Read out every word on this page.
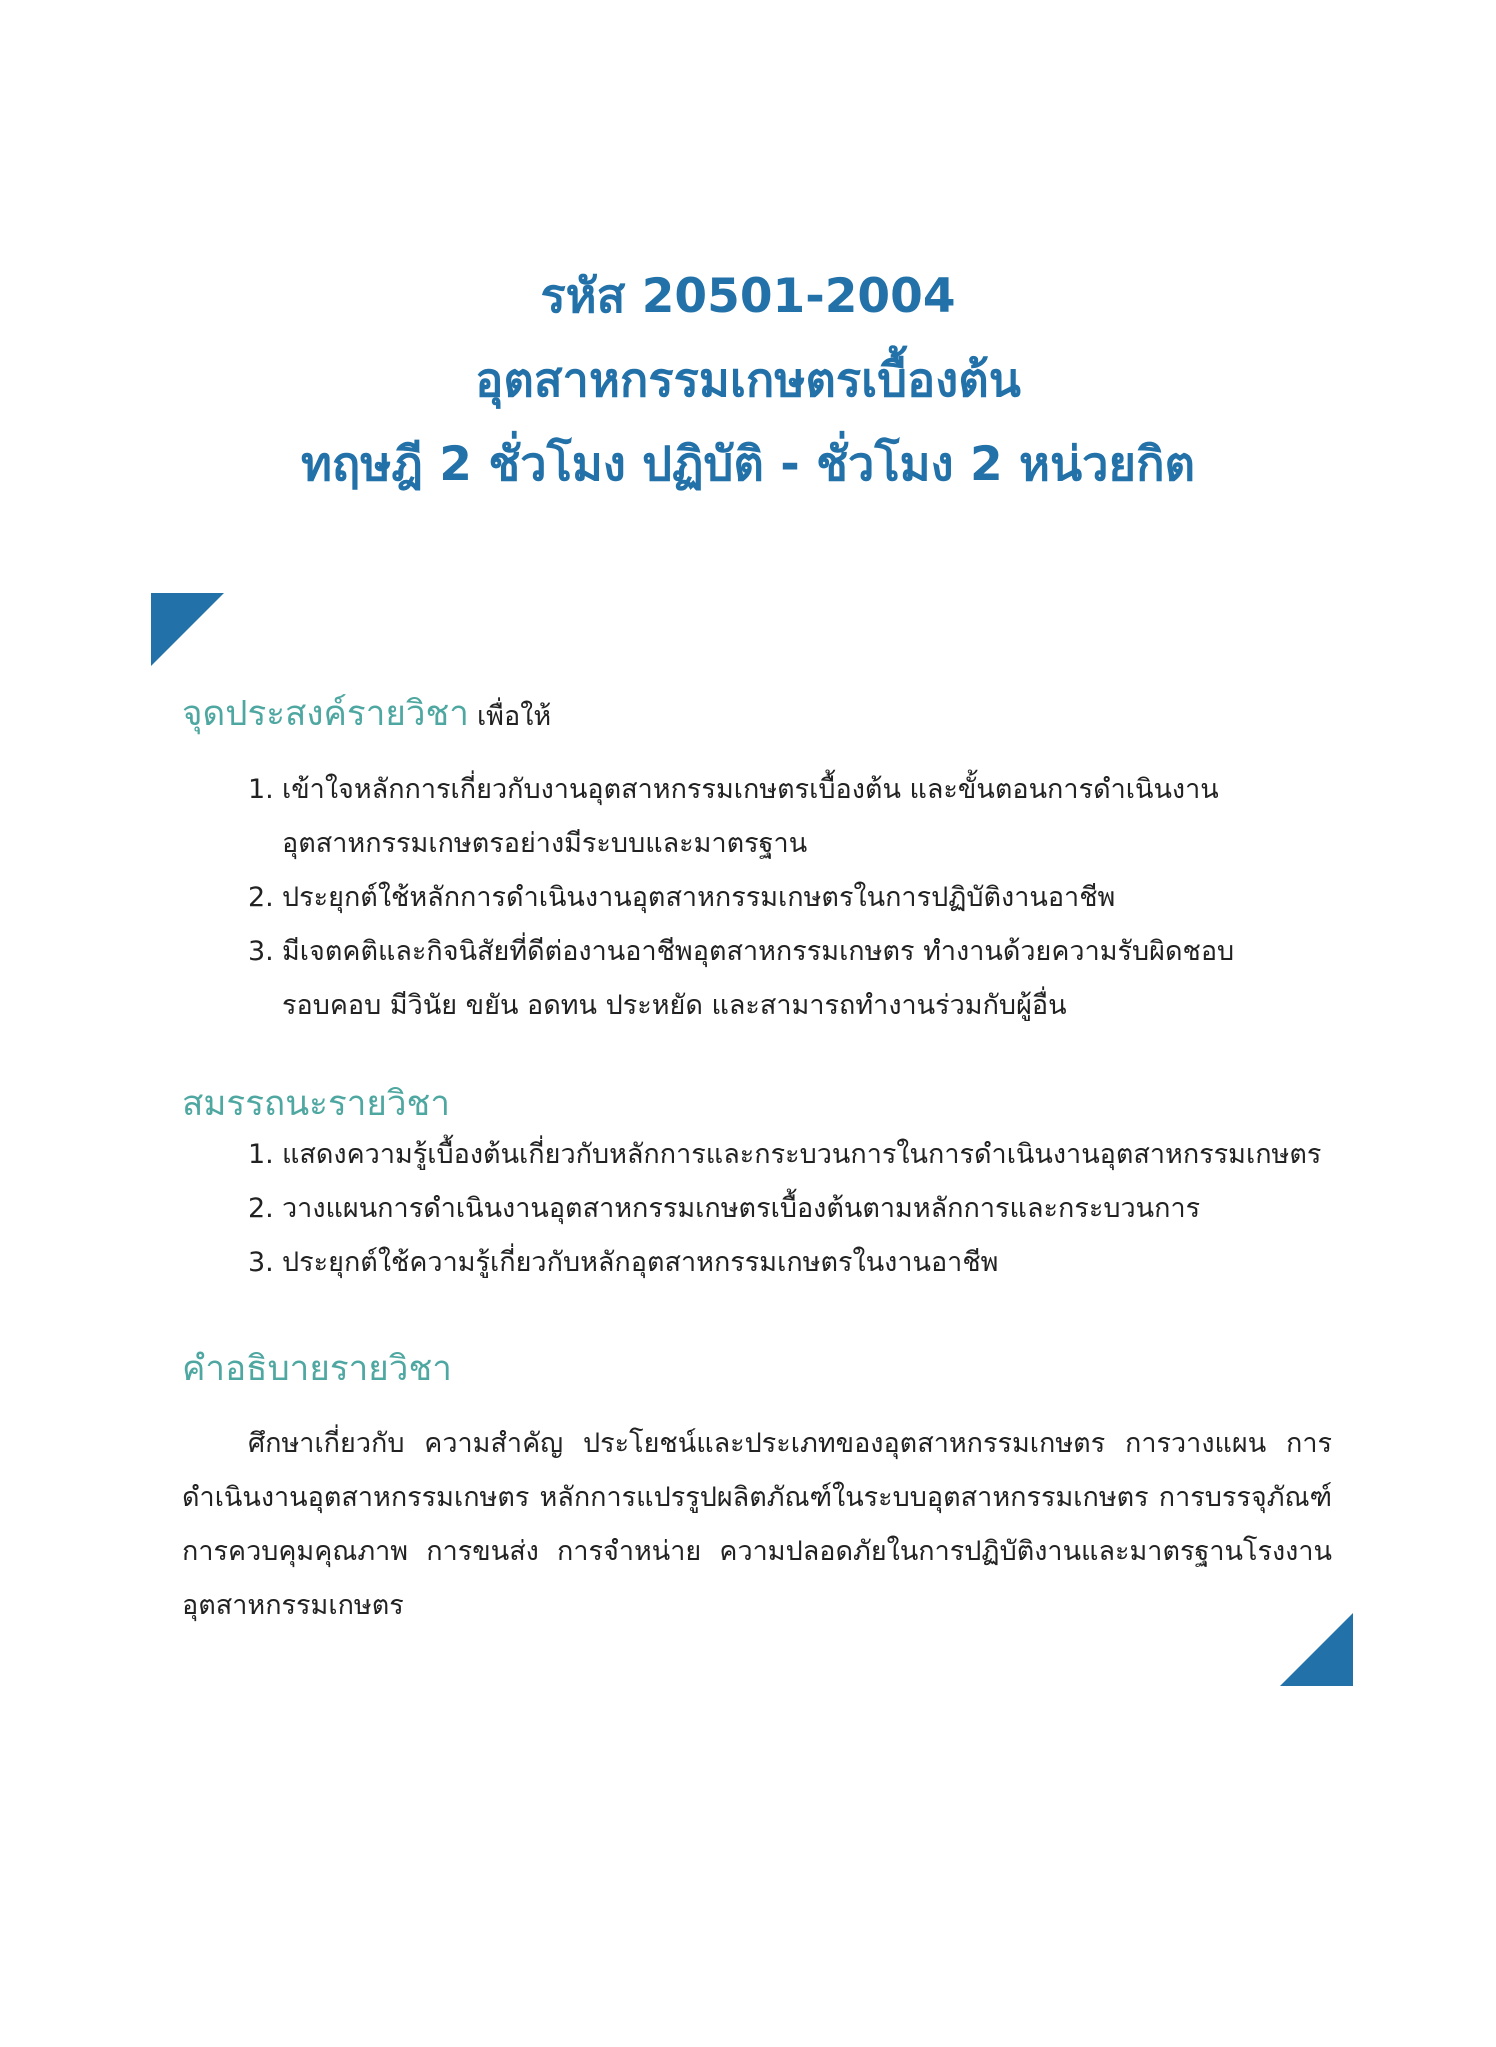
รหัส 20501-2004
อุตสาหกรรมเกษตรเบื้องต้น
ทฤษฎี 2 ชั่วโมง ปฏิบัติ - ชั่วโมง 2 หน่วยกิต
จุดประสงค์รายวิชา เพื่อให้
1. เข้าใจหลักการเกี่ยวกับงานอุตสาหกรรมเกษตรเบื้องต้น และขั้นตอนการดำเนินงานอุตสาหกรรมเกษตรอย่างมีระบบและมาตรฐาน
2. ประยุกต์ใช้หลักการดำเนินงานอุตสาหกรรมเกษตรในการปฏิบัติงานอาชีพ
3. มีเจตคติและกิจนิสัยที่ดีต่องานอาชีพอุตสาหกรรมเกษตร ทำงานด้วยความรับผิดชอบ รอบคอบ มีวินัย ขยัน อดทน ประหยัด และสามารถทำงานร่วมกับผู้อื่น
สมรรถนะรายวิชา
1. แสดงความรู้เบื้องต้นเกี่ยวกับหลักการและกระบวนการในการดำเนินงานอุตสาหกรรมเกษตร
2. วางแผนการดำเนินงานอุตสาหกรรมเกษตรเบื้องต้นตามหลักการและกระบวนการ
3. ประยุกต์ใช้ความรู้เกี่ยวกับหลักอุตสาหกรรมเกษตรในงานอาชีพ
คำอธิบายรายวิชา

ศึกษาเกี่ยวกับ ความสำคัญ ประโยชน์และประเภทของอุตสาหกรรมเกษตร การวางแผน การดำเนินงานอุตสาหกรรมเกษตร หลักการแปรรูปผลิตภัณฑ์ในระบบอุตสาหกรรมเกษตร การบรรจุภัณฑ์ การควบคุมคุณภาพ การขนส่ง การจำหน่าย ความปลอดภัยในการปฏิบัติงานและมาตรฐานโรงงานอุตสาหกรรมเกษตร
